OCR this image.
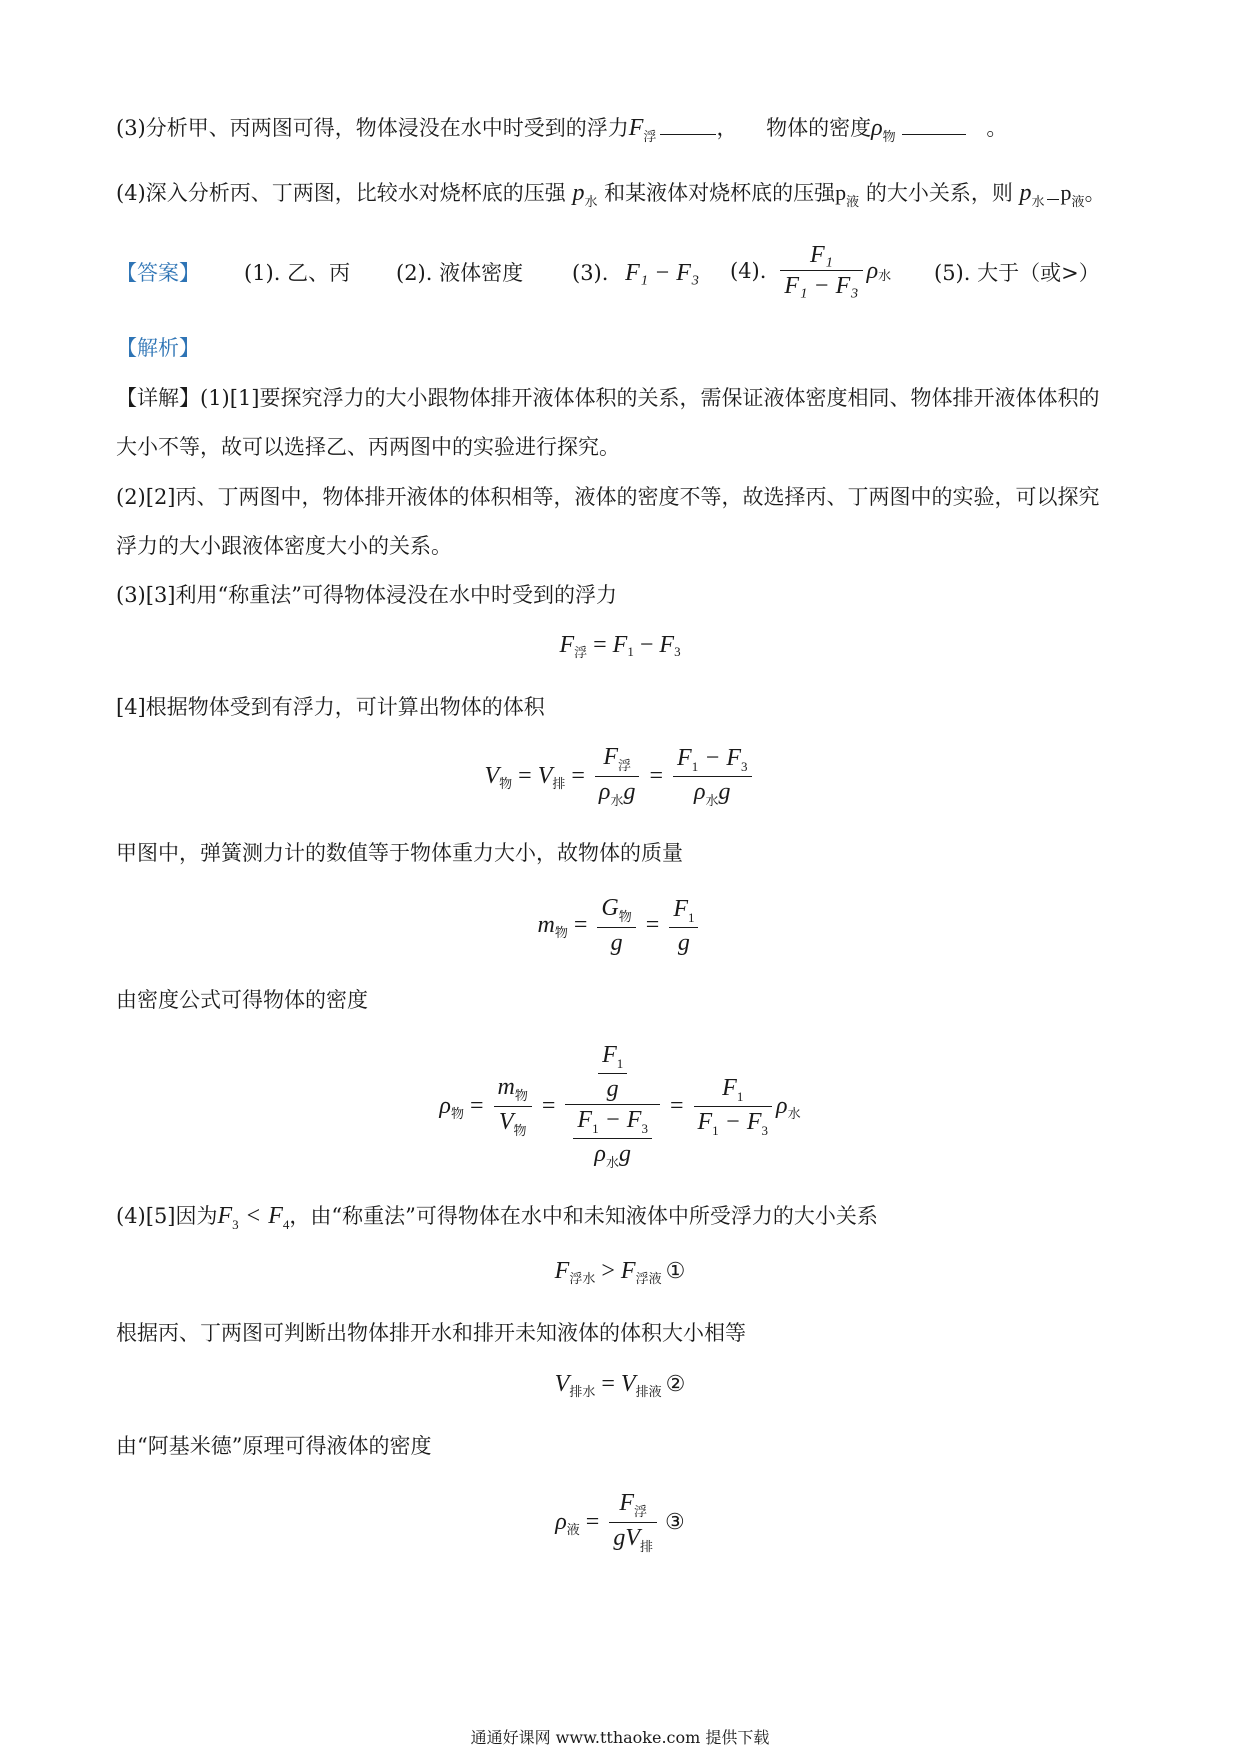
(3)分析甲、丙两图可得，物体浸没在水中时受到的浮力$F_浮$	， 物体的密度$\rho_物$	。
(4)深入分析丙、丁两图，比较水对烧杯底的压强 $p_水$ 和某液体对烧杯底的压强$p_液$ 的大小关系，则 $p_水$ $p_液$。
【答案】 (1). 乙、丙 (2). 液体密度 (3). F₁ − F₃ (4). $\frac{\text{F₁}}{\text{F₁ − F₃}}$ ρ 水 (5). 大于（或>）
【解析】
【详解】(1)[1]要探究浮力的大小跟物体排开液体体积的关系，需保证液体密度相同、物体排开液体体积的
大小不等，故可以选择乙、丙两图中的实验进行探究。
(2)[2]丙、丁两图中，物体排开液体的体积相等，液体的密度不等，故选择丙、丁两图中的实验，可以探究
浮力的大小跟液体密度大小的关系。
(3)[3]利用“称重法”可得物体浸没在水中时受到的浮力
F 浮 = F 1 − F 3
[4]根据物体受到有浮力，可计算出物体的体积
V 物 = V 排 = $\frac{F_浮}{\rho_水g} = \frac{F_1 - F_3}{\rho_水g}$
甲图中，弹簧测力计的数值等于物体重力大小，故物体的质量
m 物 = $\frac{G_物}{g} = \frac{F_1}{g}$
由密度公式可得物体的密度
ρ 物 = $\frac{m_物}{V_物} = \frac{\frac{F_1}{g}}{\frac{F_1 - F_3}{\rho_水g}} = \frac{F_1}{F_1 - F_3}$ ρ 水
(4)[5]因为$F_3 < F_4$，由“称重法”可得物体在水中和未知液体中所受浮力的大小关系
F 浮水 > F 浮液 ①
根据丙、丁两图可判断出物体排开水和排开未知液体的体积大小相等
V 排水 = V 排液 ②
由“阿基米德”原理可得液体的密度
ρ 液 = $\frac{F_浮}{gV_排}$ ③
通通好课网 www.tthaoke.com 提供下载
